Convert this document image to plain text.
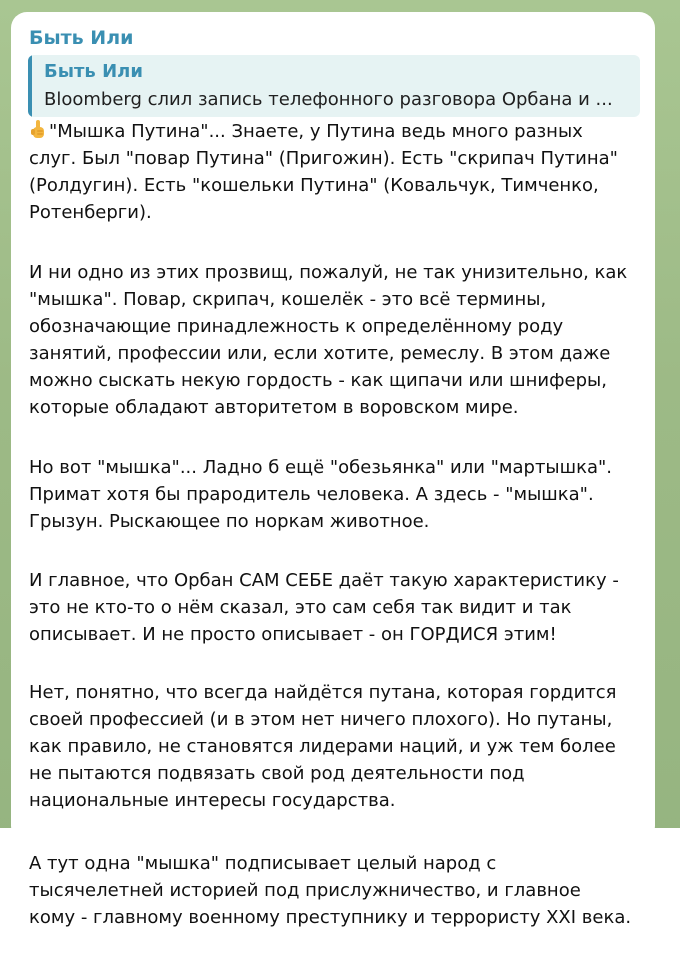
Быть Или
Быть Или
Bloomberg слил запись телефонного разговора Орбана и ...
"Мышка Путина"... Знаете, у Путина ведь много разных
слуг. Был "повар Путина" (Пригожин). Есть "скрипач Путина"
(Ролдугин). Есть "кошельки Путина" (Ковальчук, Тимченко,
Ротенберги).
И ни одно из этих прозвищ, пожалуй, не так унизительно, как
"мышка". Повар, скрипач, кошелёк - это всё термины,
обозначающие принадлежность к определённому роду
занятий, профессии или, если хотите, ремеслу. В этом даже
можно сыскать некую гордость - как щипачи или шниферы,
которые обладают авторитетом в воровском мире.
Но вот "мышка"... Ладно б ещё "обезьянка" или "мартышка".
Примат хотя бы прародитель человека. А здесь - "мышка".
Грызун. Рыскающее по норкам животное.
И главное, что Орбан САМ СЕБЕ даёт такую характеристику -
это не кто-то о нём сказал, это сам себя так видит и так
описывает. И не просто описывает - он ГОРДИСЯ этим!
Нет, понятно, что всегда найдётся путана, которая гордится
своей профессией (и в этом нет ничего плохого). Но путаны,
как правило, не становятся лидерами наций, и уж тем более
не пытаются подвязать свой род деятельности под
национальные интересы государства.
А тут одна "мышка" подписывает целый народ с
тысячелетней историей под прислужничество, и главное
кому - главному военному преступнику и террористу XXI века.
